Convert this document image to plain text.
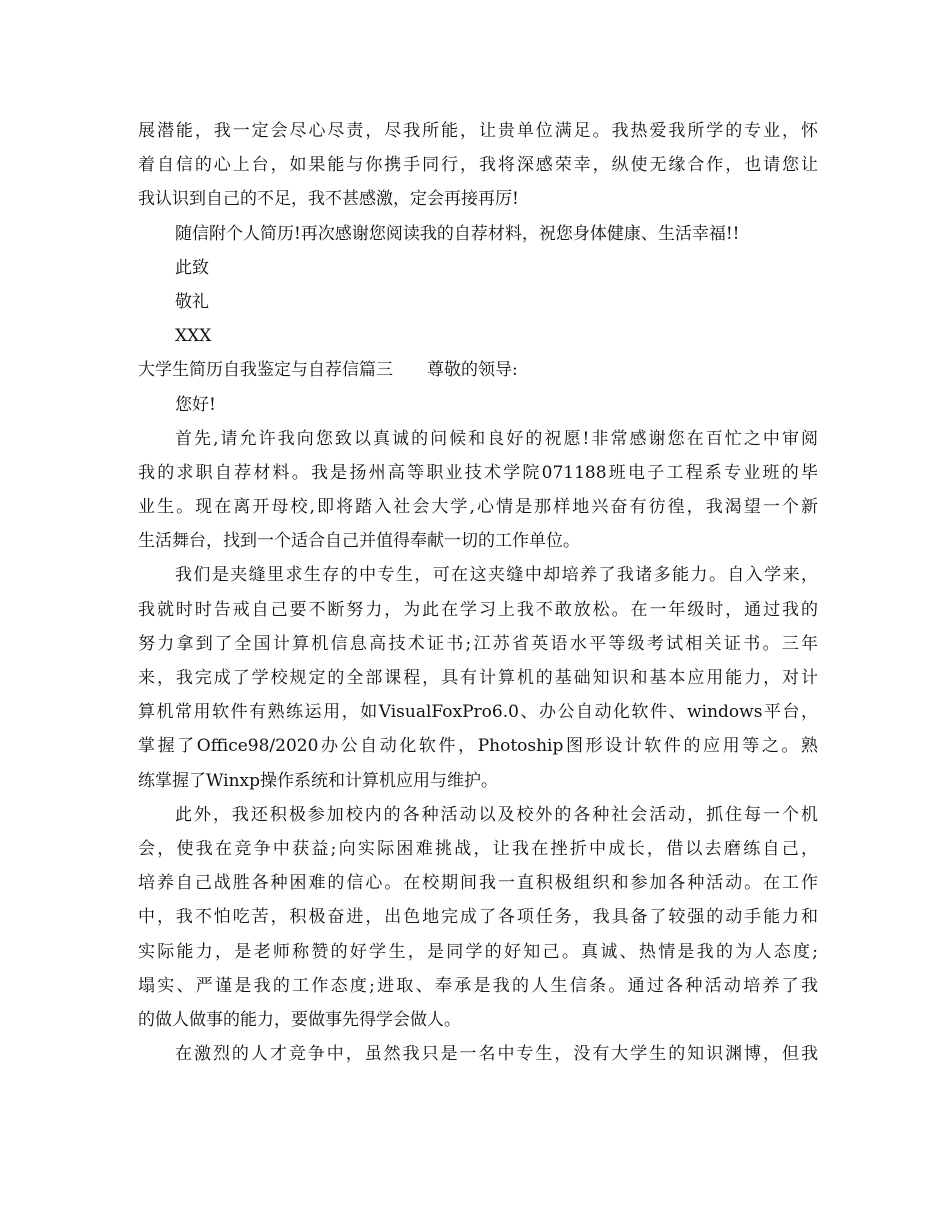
展潜能，我一定会尽心尽责，尽我所能，让贵单位满足。我热爱我所学的专业，怀
着自信的心上台，如果能与你携手同行，我将深感荣幸，纵使无缘合作，也请您让
我认识到自己的不足，我不甚感激，定会再接再厉!
随信附个人简历!再次感谢您阅读我的自荐材料，祝您身体健康、生活幸福!!
此致
敬礼
XXX
大学生简历自我鉴定与自荐信篇三　　尊敬的领导:
您好!
首先,请允许我向您致以真诚的问候和良好的祝愿!非常感谢您在百忙之中审阅
我的求职自荐材料。我是扬州高等职业技术学院071188班电子工程系专业班的毕
业生。现在离开母校,即将踏入社会大学,心情是那样地兴奋有彷徨，我渴望一个新
生活舞台，找到一个适合自己并值得奉献一切的工作单位。
我们是夹缝里求生存的中专生，可在这夹缝中却培养了我诸多能力。自入学来，
我就时时告戒自己要不断努力，为此在学习上我不敢放松。在一年级时，通过我的
努力拿到了全国计算机信息高技术证书;江苏省英语水平等级考试相关证书。三年
来，我完成了学校规定的全部课程，具有计算机的基础知识和基本应用能力，对计
算机常用软件有熟练运用，如VisualFoxPro6.0、办公自动化软件、windows平台，
掌握了Office98/2020办公自动化软件，Photoship图形设计软件的应用等之。熟
练掌握了Winxp操作系统和计算机应用与维护。
此外，我还积极参加校内的各种活动以及校外的各种社会活动，抓住每一个机
会，使我在竞争中获益;向实际困难挑战，让我在挫折中成长，借以去磨练自己，
培养自己战胜各种困难的信心。在校期间我一直积极组织和参加各种活动。在工作
中，我不怕吃苦，积极奋进，出色地完成了各项任务，我具备了较强的动手能力和
实际能力，是老师称赞的好学生，是同学的好知己。真诚、热情是我的为人态度;
塌实、严谨是我的工作态度;进取、奉承是我的人生信条。通过各种活动培养了我
的做人做事的能力，要做事先得学会做人。
在激烈的人才竞争中，虽然我只是一名中专生，没有大学生的知识渊博，但我
